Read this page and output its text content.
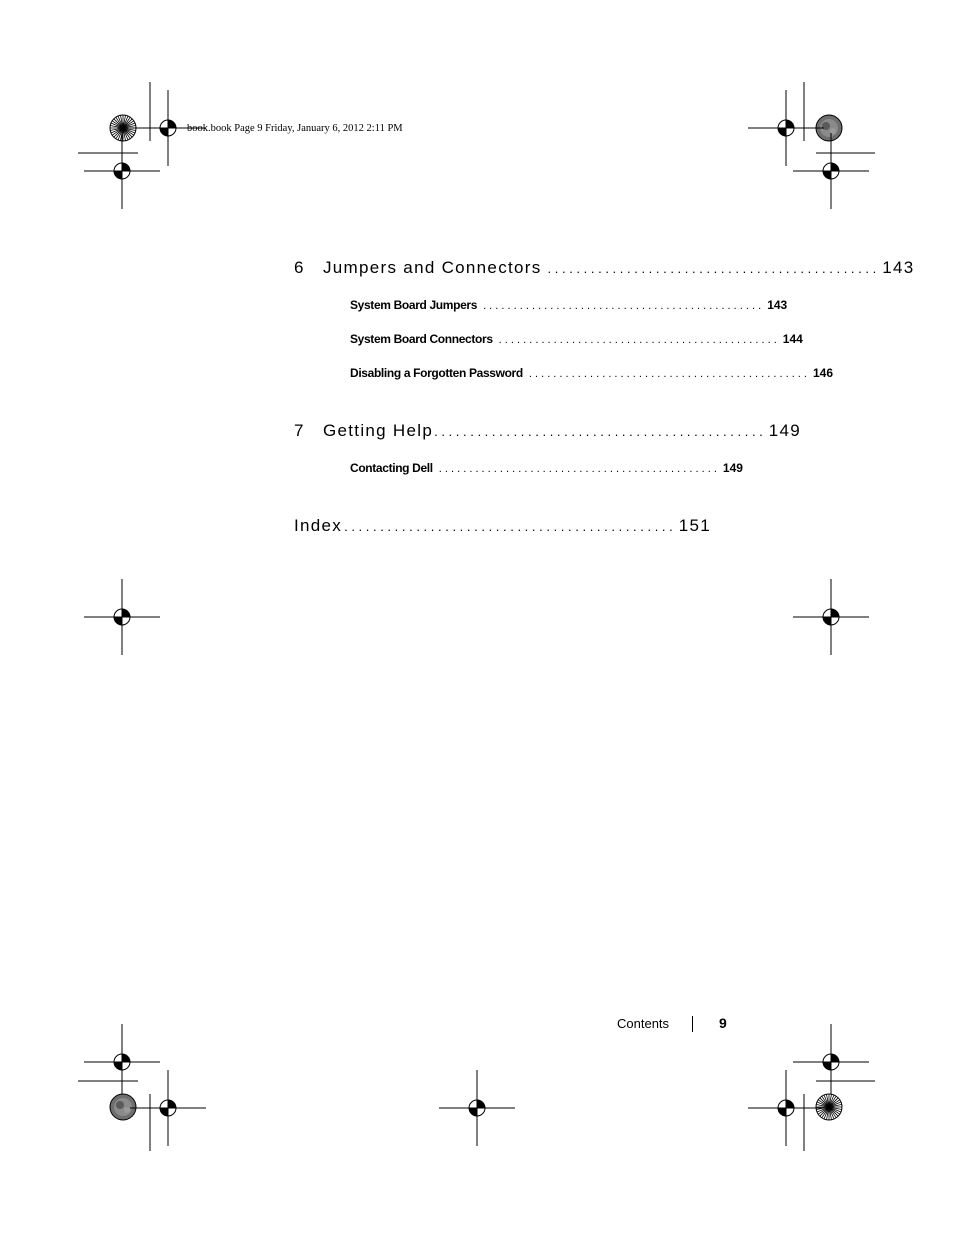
book.book Page 9 Friday, January 6, 2012 2:11 PM
6	Jumpers and Connectors . . . . . . . . . . . . . . . . . . . . . . . . . . . . . . . . . . . . . . . . . . . . . . 143
System Board Jumpers . . . . . . . . . . . . . . . . . . . . . . . . . . . . . . . . . . . . . . . . . . . . . . 143
System Board Connectors . . . . . . . . . . . . . . . . . . . . . . . . . . . . . . . . . . . . . . . . . . . . . . 144
Disabling a Forgotten Password . . . . . . . . . . . . . . . . . . . . . . . . . . . . . . . . . . . . . . . . . . . . . . 146
7	Getting Help . . . . . . . . . . . . . . . . . . . . . . . . . . . . . . . . . . . . . . . . . . . . . . 149
Contacting Dell . . . . . . . . . . . . . . . . . . . . . . . . . . . . . . . . . . . . . . . . . . . . . . 149
Index . . . . . . . . . . . . . . . . . . . . . . . . . . . . . . . . . . . . . . . . . . . . . . 151
Contents	9
